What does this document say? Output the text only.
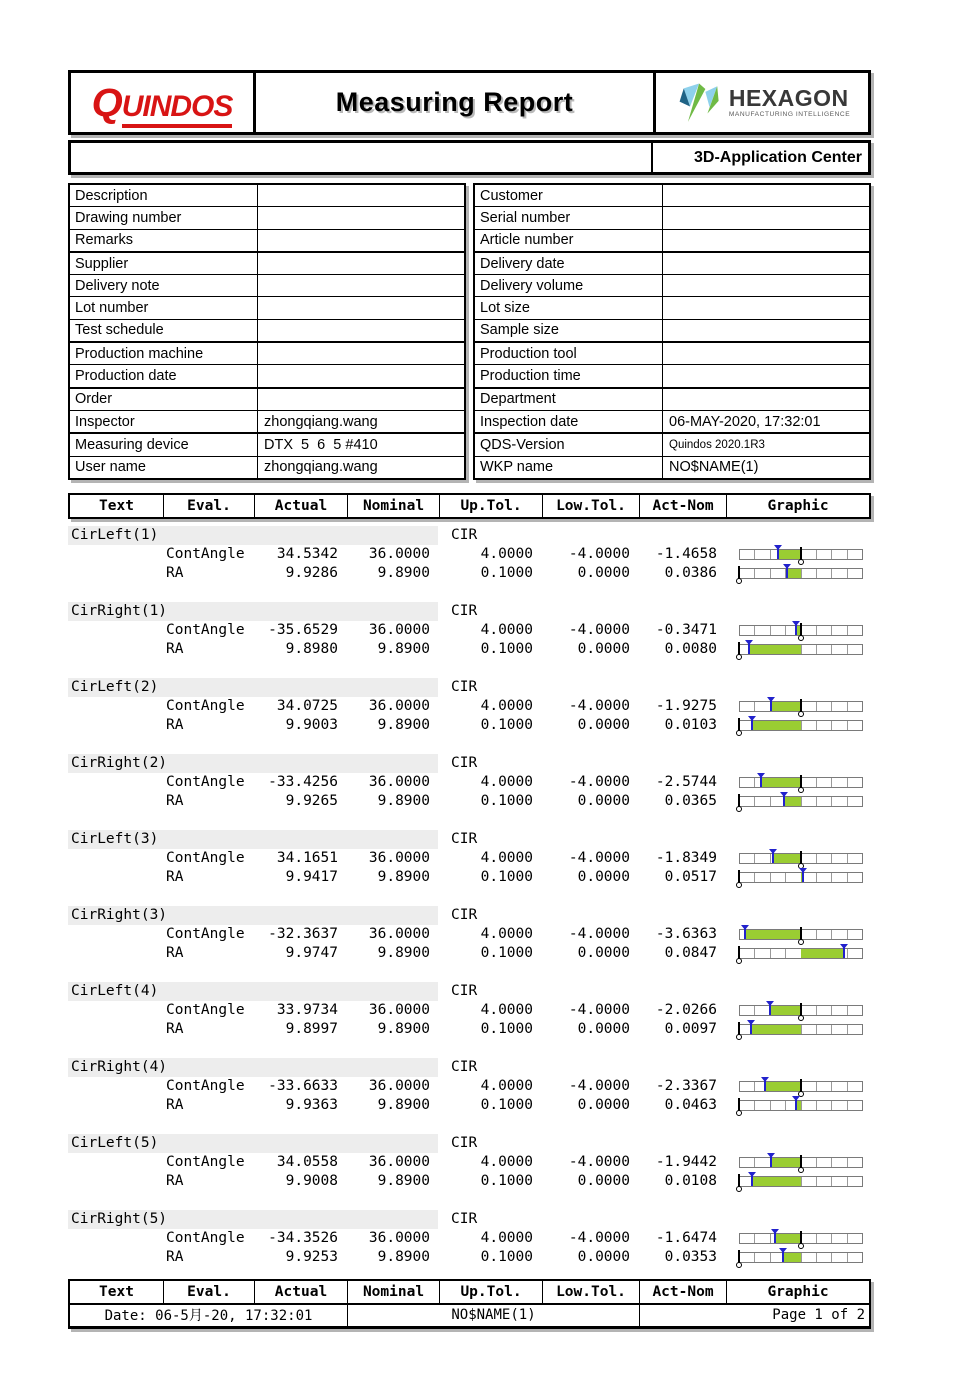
QUINDOS	Measuring Report	HEXAGON
MANUFACTURING INTELLIGENCE
3D-Application Center
Description
Drawing number
Remarks
Supplier
Delivery note
Lot number
Test schedule
Production machine
Production date
Order
Inspector	zhongqiang.wang
Measuring device	DTX  5  6  5 #410
User name	zhongqiang.wang
Customer
Serial number
Article number
Delivery date
Delivery volume
Lot size
Sample size
Production tool
Production time
Department
Inspection date	06-MAY-2020, 17:32:01
QDS-Version	Quindos 2020.1R3
WKP name	NO$NAME(1)
Text	Eval.	Actual	Nominal	Up.Tol.	Low.Tol.	Act-Nom	Graphic
CirLeft(1)	CIR
ContAngle	34.5342	36.0000	4.0000	-4.0000	-1.4658
RA	9.9286	9.8900	0.1000	0.0000	0.0386
CirRight(1)	CIR
ContAngle	-35.6529	36.0000	4.0000	-4.0000	-0.3471
RA	9.8980	9.8900	0.1000	0.0000	0.0080
CirLeft(2)	CIR
ContAngle	34.0725	36.0000	4.0000	-4.0000	-1.9275
RA	9.9003	9.8900	0.1000	0.0000	0.0103
CirRight(2)	CIR
ContAngle	-33.4256	36.0000	4.0000	-4.0000	-2.5744
RA	9.9265	9.8900	0.1000	0.0000	0.0365
CirLeft(3)	CIR
ContAngle	34.1651	36.0000	4.0000	-4.0000	-1.8349
RA	9.9417	9.8900	0.1000	0.0000	0.0517
CirRight(3)	CIR
ContAngle	-32.3637	36.0000	4.0000	-4.0000	-3.6363
RA	9.9747	9.8900	0.1000	0.0000	0.0847
CirLeft(4)	CIR
ContAngle	33.9734	36.0000	4.0000	-4.0000	-2.0266
RA	9.8997	9.8900	0.1000	0.0000	0.0097
CirRight(4)	CIR
ContAngle	-33.6633	36.0000	4.0000	-4.0000	-2.3367
RA	9.9363	9.8900	0.1000	0.0000	0.0463
CirLeft(5)	CIR
ContAngle	34.0558	36.0000	4.0000	-4.0000	-1.9442
RA	9.9008	9.8900	0.1000	0.0000	0.0108
CirRight(5)	CIR
ContAngle	-34.3526	36.0000	4.0000	-4.0000	-1.6474
RA	9.9253	9.8900	0.1000	0.0000	0.0353
Text	Eval.	Actual	Nominal	Up.Tol.	Low.Tol.	Act-Nom	Graphic
Date: 06-5月-20, 17:32:01	NO$NAME(1)	Page 1 of 2
